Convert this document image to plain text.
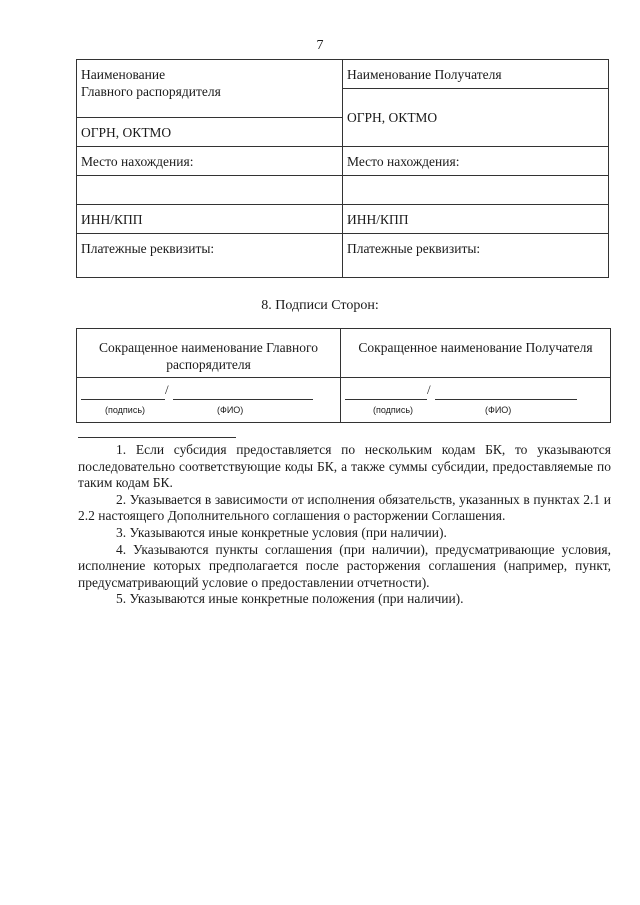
7
Наименование
Главного распорядителя
ОГРН, ОКТМО
Место нахождения:
ИНН/КПП
Платежные реквизиты:
Наименование Получателя
ОГРН, ОКТМО
Место нахождения:
ИНН/КПП
Платежные реквизиты:
8. Подписи Сторон:
Сокращенное наименование Главного распорядителя
/
(подпись)	(ФИО)
Сокращенное наименование Получателя
/
(подпись)	(ФИО)

1. Если субсидия предоставляется по нескольким кодам БК, то указываются последовательно соответствующие коды БК, а также суммы субсидии, предоставляемые по таким кодам БК.

2. Указывается в зависимости от исполнения обязательств, указанных в пунктах 2.1 и 2.2 настоящего Дополнительного соглашения о расторжении Соглашения.

3. Указываются иные конкретные условия (при наличии).

4. Указываются пункты соглашения (при наличии), предусматривающие условия, исполнение которых предполагается после расторжения соглашения (например, пункт, предусматривающий условие о предоставлении отчетности).

5. Указываются иные конкретные положения (при наличии).
